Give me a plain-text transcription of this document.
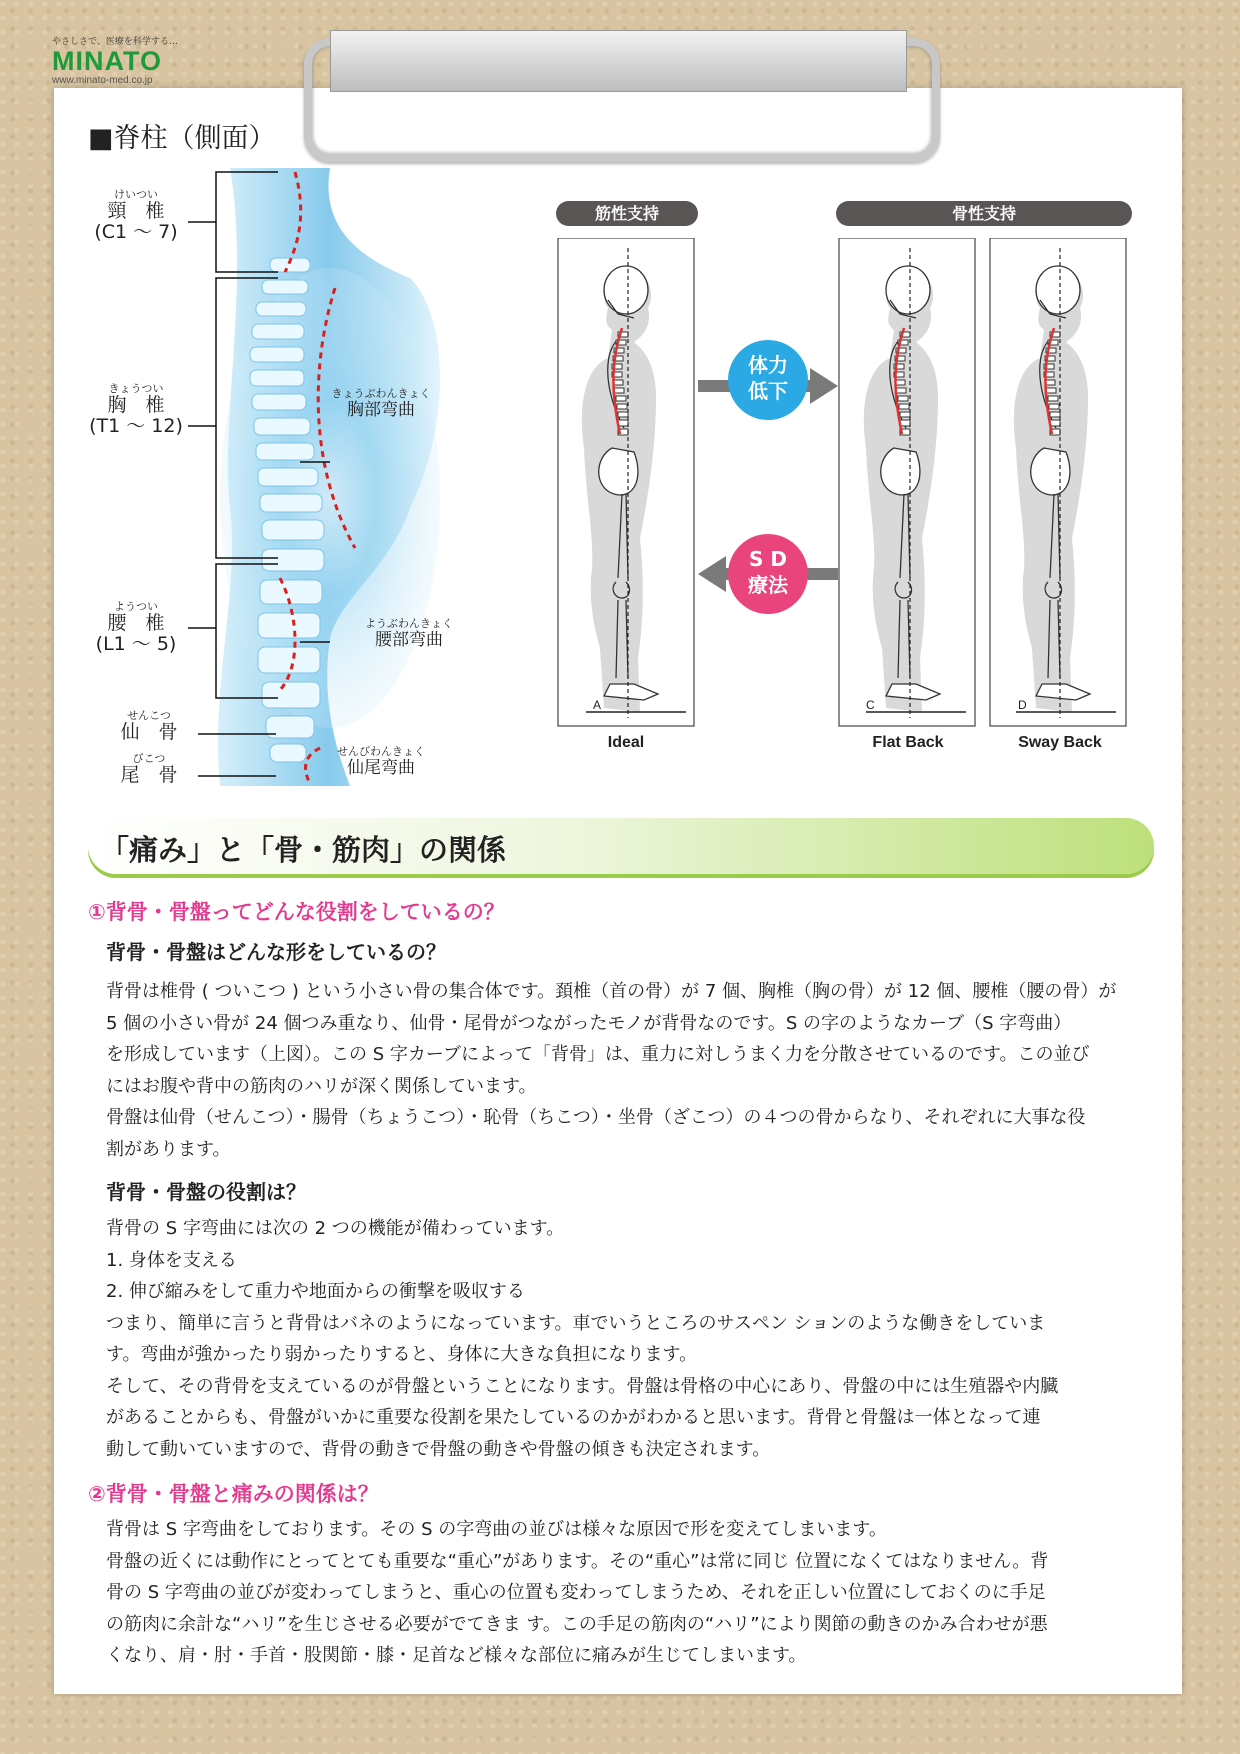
やさしさで、医療を科学する…
MINATO
www.minato-med.co.jp
■脊柱（側面）
けいつい
頸　椎
(C1 ～ 7)
きょうつい
胸　椎
(T1 ～ 12)
ようつい
腰　椎
(L1 ～ 5)
せんこつ
仙　骨
びこつ
尾　骨
きょうぶわんきょく
胸部弯曲
ようぶわんきょく
腰部弯曲
せんびわんきょく
仙尾弯曲
筋性支持	骨性支持
体力
低下
S D
療法
A	C	D
Ideal	Flat Back	Sway Back
「痛み」と「骨・筋肉」の関係
①背骨・骨盤ってどんな役割をしているの？
背骨・骨盤はどんな形をしているの？
背骨は椎骨 ( ついこつ ) という小さい骨の集合体です。頚椎（首の骨）が 7 個、胸椎（胸の骨）が 12 個、腰椎（腰の骨）が
5 個の小さい骨が 24 個つみ重なり、仙骨・尾骨がつながったモノが背骨なのです。S の字のようなカーブ（S 字弯曲）
を形成しています（上図）。この S 字カーブによって「背骨」は、重力に対しうまく力を分散させているのです。この並び
にはお腹や背中の筋肉のハリが深く関係しています。
骨盤は仙骨（せんこつ）・腸骨（ちょうこつ）・恥骨（ちこつ）・坐骨（ざこつ）の４つの骨からなり、それぞれに大事な役
割があります。
背骨・骨盤の役割は？
背骨の S 字弯曲には次の 2 つの機能が備わっています。
1. 身体を支える
2. 伸び縮みをして重力や地面からの衝撃を吸収する
つまり、簡単に言うと背骨はバネのようになっています。車でいうところのサスペン ションのような働きをしていま
す。弯曲が強かったり弱かったりすると、身体に大きな負担になります。
そして、その背骨を支えているのが骨盤ということになります。骨盤は骨格の中心にあり、骨盤の中には生殖器や内臓
があることからも、骨盤がいかに重要な役割を果たしているのかがわかると思います。背骨と骨盤は一体となって連
動して動いていますので、背骨の動きで骨盤の動きや骨盤の傾きも決定されます。
②背骨・骨盤と痛みの関係は？
背骨は S 字弯曲をしております。その S の字弯曲の並びは様々な原因で形を変えてしまいます。
骨盤の近くには動作にとってとても重要な“重心”があります。その“重心”は常に同じ 位置になくてはなりません。背
骨の S 字弯曲の並びが変わってしまうと、重心の位置も変わってしまうため、それを正しい位置にしておくのに手足
の筋肉に余計な“ハリ”を生じさせる必要がでてきま す。この手足の筋肉の“ハリ”により関節の動きのかみ合わせが悪
くなり、肩・肘・手首・股関節・膝・足首など様々な部位に痛みが生じてしまいます。
